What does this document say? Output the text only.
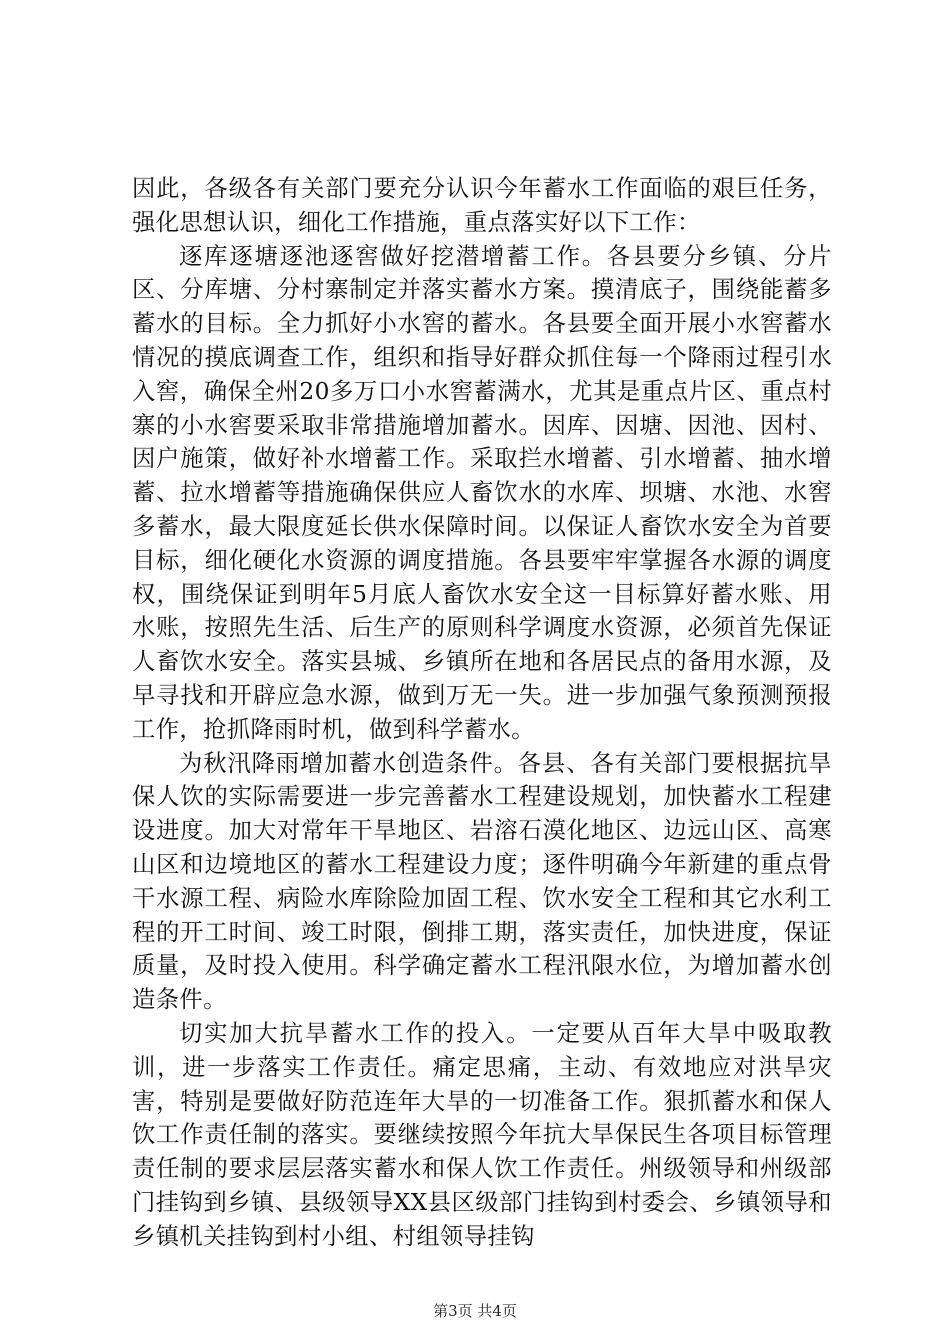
因此，各级各有关部门要充分认识今年蓄水工作面临的艰巨任务，强化思想认识，细化工作措施，重点落实好以下工作：

逐库逐塘逐池逐窖做好挖潜增蓄工作。各县要分乡镇、分片区、分库塘、分村寨制定并落实蓄水方案。摸清底子，围绕能蓄多蓄水的目标。全力抓好小水窖的蓄水。各县要全面开展小水窖蓄水情况的摸底调查工作，组织和指导好群众抓住每一个降雨过程引水入窖，确保全州20多万口小水窖蓄满水，尤其是重点片区、重点村寨的小水窖要采取非常措施增加蓄水。因库、因塘、因池、因村、因户施策，做好补水增蓄工作。采取拦水增蓄、引水增蓄、抽水增蓄、拉水增蓄等措施确保供应人畜饮水的水库、坝塘、水池、水窖多蓄水，最大限度延长供水保障时间。以保证人畜饮水安全为首要目标，细化硬化水资源的调度措施。各县要牢牢掌握各水源的调度权，围绕保证到明年5月底人畜饮水安全这一目标算好蓄水账、用水账，按照先生活、后生产的原则科学调度水资源，必须首先保证人畜饮水安全。落实县城、乡镇所在地和各居民点的备用水源，及早寻找和开辟应急水源，做到万无一失。进一步加强气象预测预报工作，抢抓降雨时机，做到科学蓄水。

为秋汛降雨增加蓄水创造条件。各县、各有关部门要根据抗旱保人饮的实际需要进一步完善蓄水工程建设规划，加快蓄水工程建设进度。加大对常年干旱地区、岩溶石漠化地区、边远山区、高寒山区和边境地区的蓄水工程建设力度；逐件明确今年新建的重点骨干水源工程、病险水库除险加固工程、饮水安全工程和其它水利工程的开工时间、竣工时限，倒排工期，落实责任，加快进度，保证质量，及时投入使用。科学确定蓄水工程汛限水位，为增加蓄水创造条件。

切实加大抗旱蓄水工作的投入。一定要从百年大旱中吸取教训，进一步落实工作责任。痛定思痛，主动、有效地应对洪旱灾害，特别是要做好防范连年大旱的一切准备工作。狠抓蓄水和保人饮工作责任制的落实。要继续按照今年抗大旱保民生各项目标管理责任制的要求层层落实蓄水和保人饮工作责任。州级领导和州级部门挂钩到乡镇、县级领导XX县区级部门挂钩到村委会、乡镇领导和乡镇机关挂钩到村小组、村组领导挂钩

第3页 共4页
